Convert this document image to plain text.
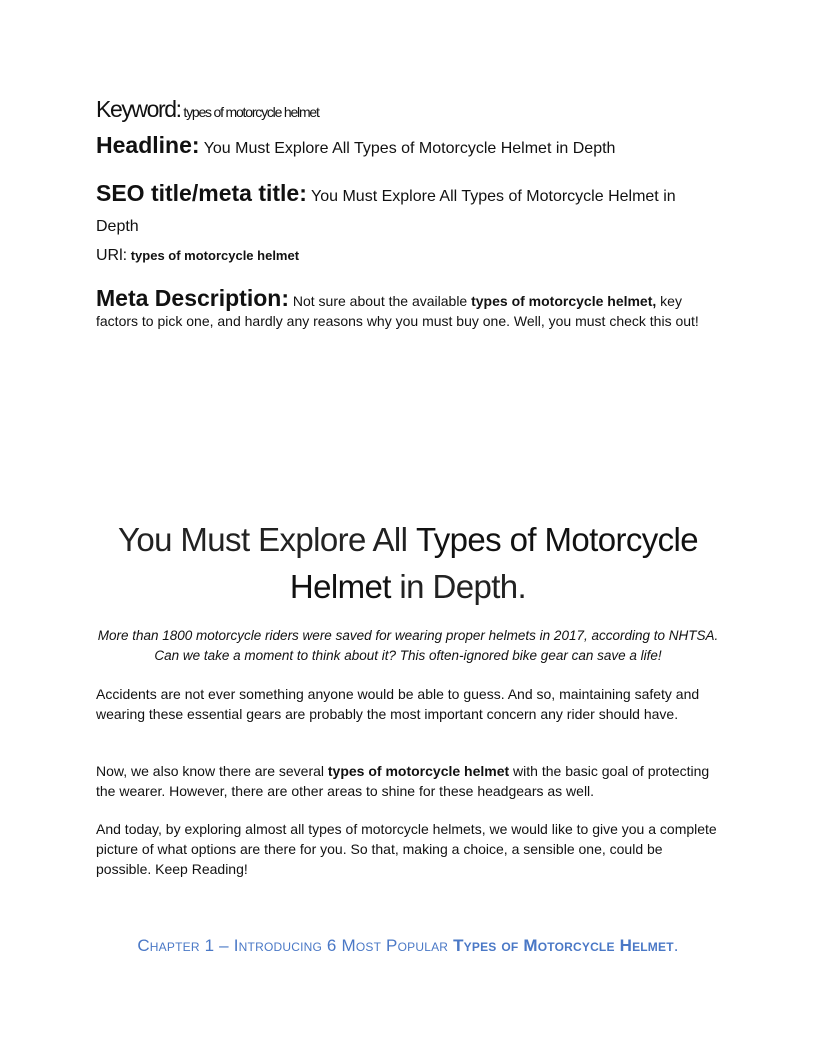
Keyword: types of motorcycle helmet
Headline: You Must Explore All Types of Motorcycle Helmet in Depth
SEO title/meta title: You Must Explore All Types of Motorcycle Helmet in Depth
URl: types of motorcycle helmet
Meta Description: Not sure about the available types of motorcycle helmet, key factors to pick one, and hardly any reasons why you must buy one. Well, you must check this out!
You Must Explore All Types of Motorcycle Helmet in Depth.
More than 1800 motorcycle riders were saved for wearing proper helmets in 2017, according to NHTSA. Can we take a moment to think about it? This often-ignored bike gear can save a life!
Accidents are not ever something anyone would be able to guess. And so, maintaining safety and wearing these essential gears are probably the most important concern any rider should have.
Now, we also know there are several types of motorcycle helmet with the basic goal of protecting the wearer. However, there are other areas to shine for these headgears as well.
And today, by exploring almost all types of motorcycle helmets, we would like to give you a complete picture of what options are there for you. So that, making a choice, a sensible one, could be possible. Keep Reading!
Chapter 1 – Introducing 6 Most Popular Types of Motorcycle Helmet.
